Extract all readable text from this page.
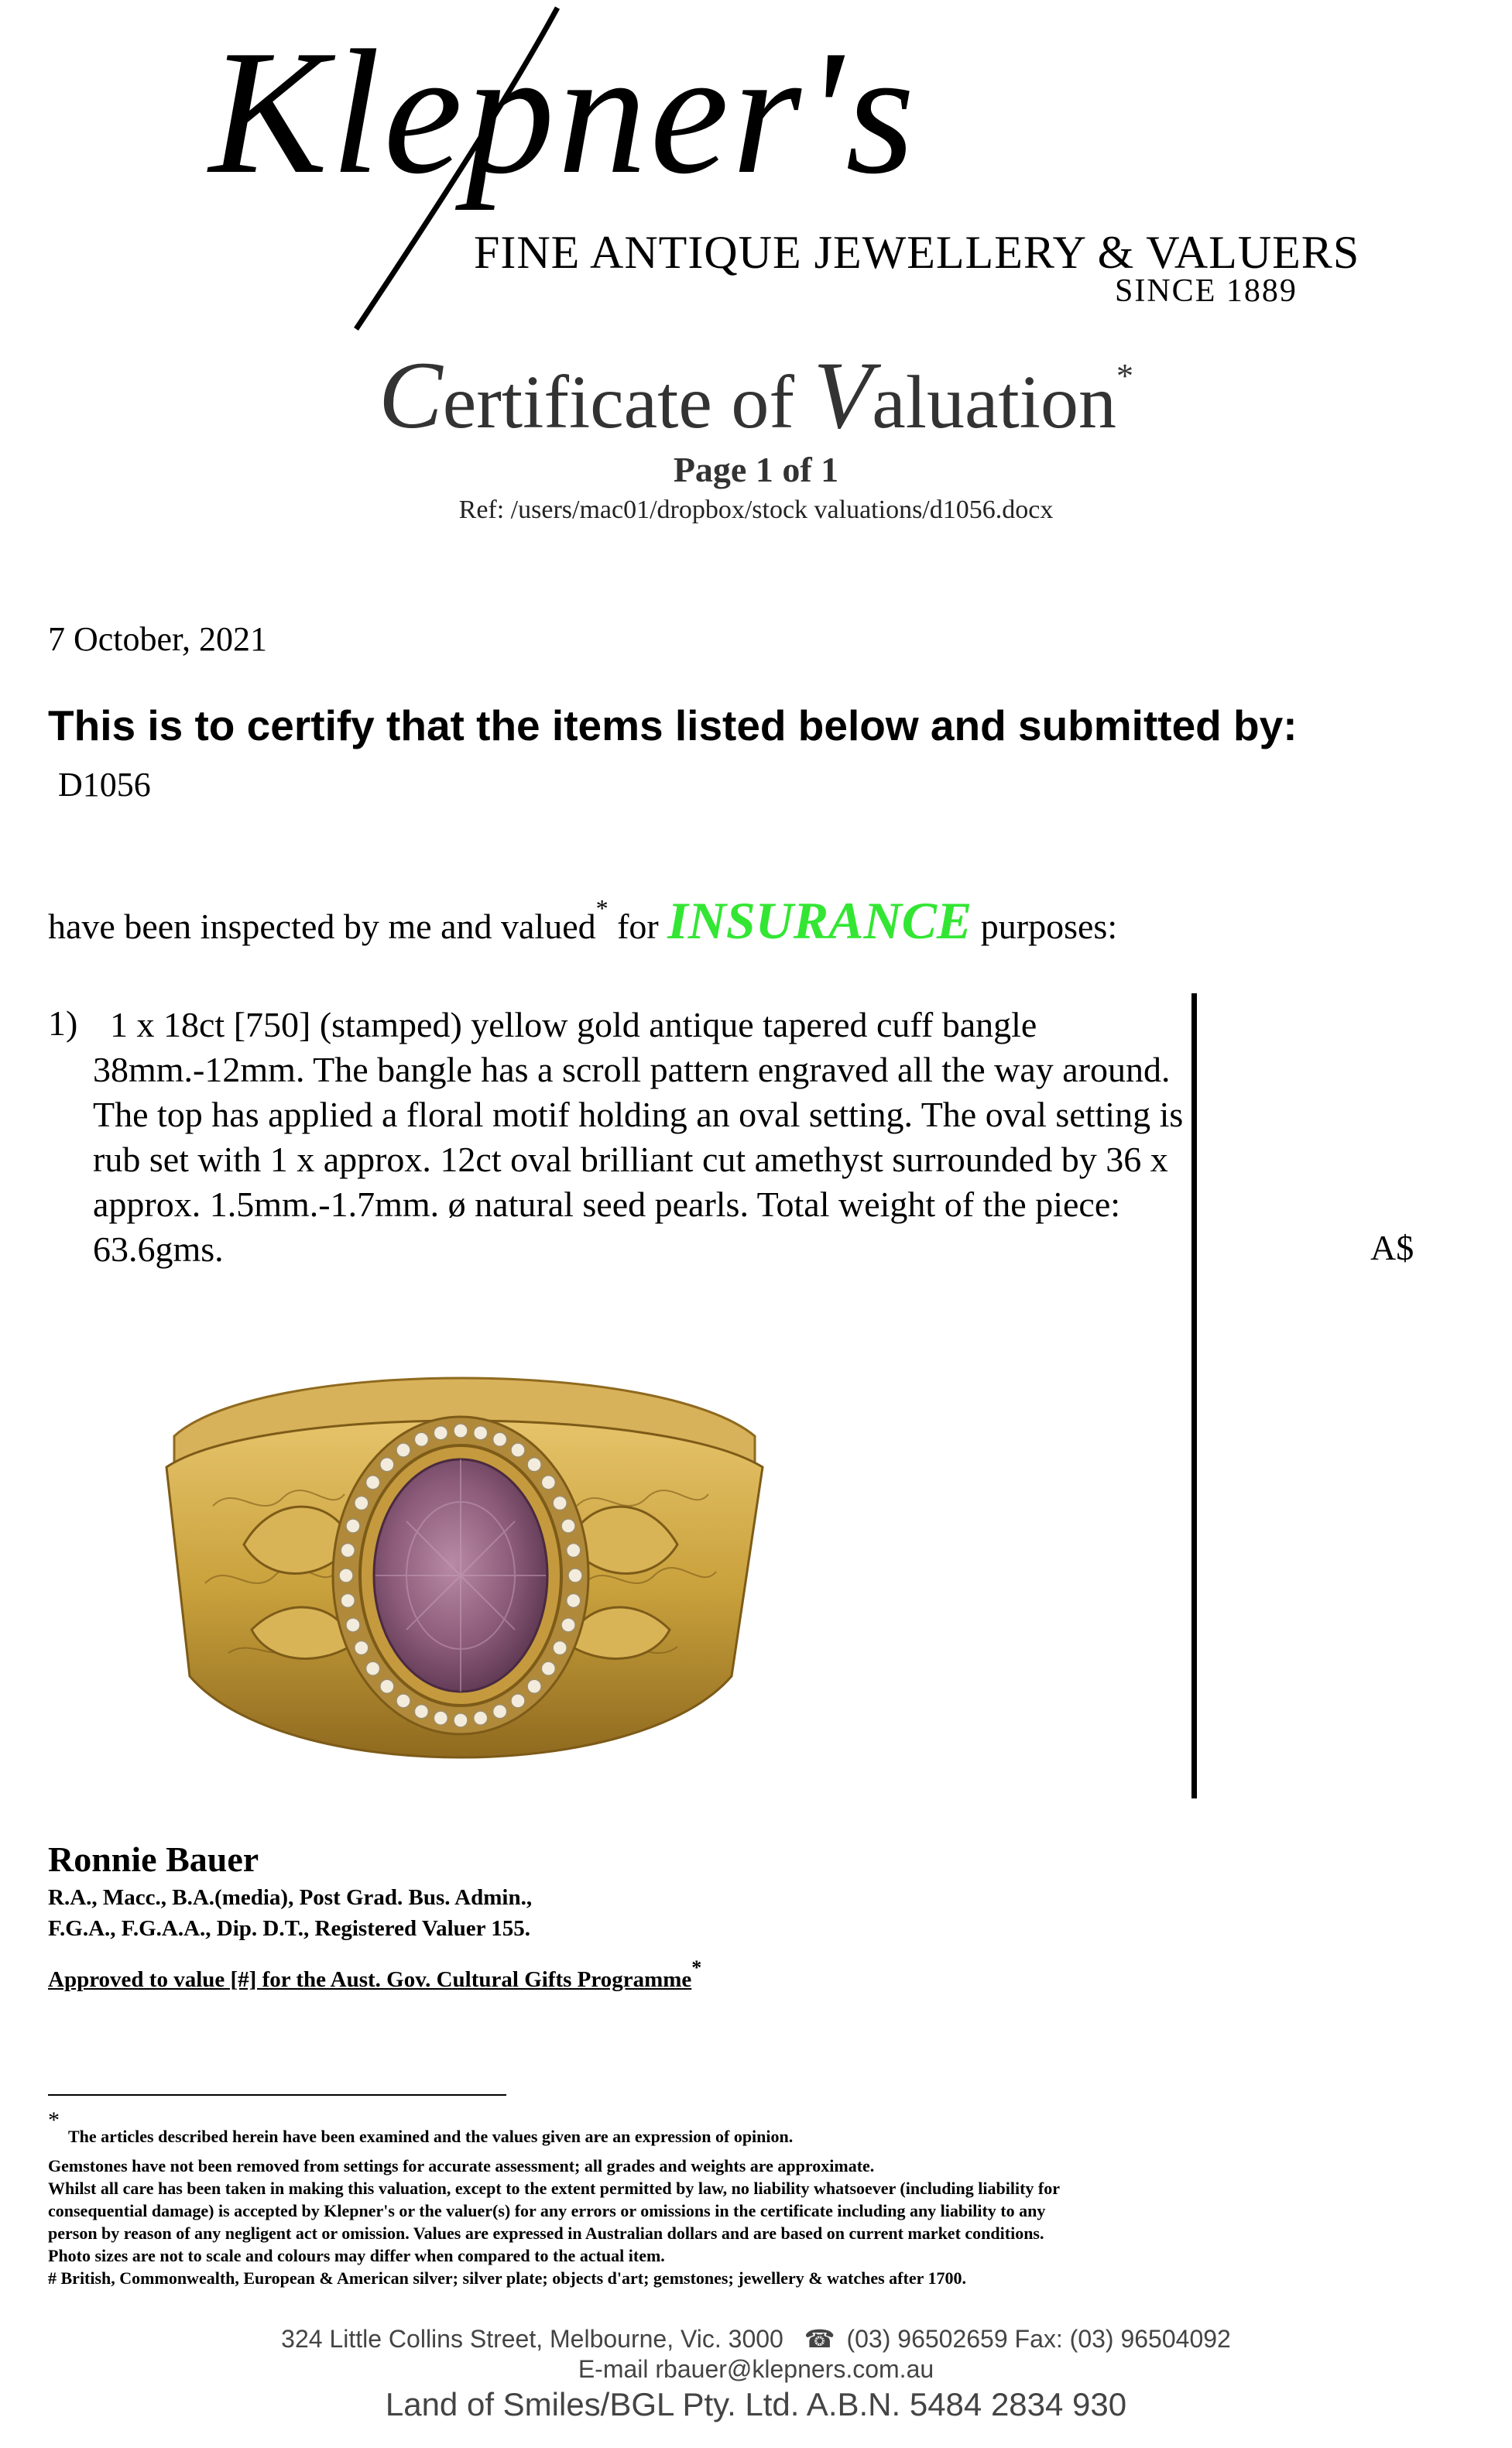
Klepner's
FINE ANTIQUE JEWELLERY & VALUERS
SINCE 1889
Certificate of Valuation*
Page 1 of 1
Ref: /users/mac01/dropbox/stock valuations/d1056.docx
7 October, 2021
This is to certify that the items listed below and submitted by:
D1056
have been inspected by me and valued* for INSURANCE purposes:
1) 1 x 18ct [750] (stamped) yellow gold antique tapered cuff bangle 38mm.-12mm. The bangle has a scroll pattern engraved all the way around. The top has applied a floral motif holding an oval setting. The oval setting is rub set with 1 x approx. 12ct oval brilliant cut amethyst surrounded by 36 x approx. 1.5mm.-1.7mm. ø natural seed pearls. Total weight of the piece: 63.6gms.	A$
Ronnie Bauer
R.A., Macc., B.A.(media), Post Grad. Bus. Admin.,
F.G.A., F.G.A.A., Dip. D.T., Registered Valuer 155.
Approved to value [#] for the Aust. Gov. Cultural Gifts Programme*
*
The articles described herein have been examined and the values given are an expression of opinion.
Gemstones have not been removed from settings for accurate assessment; all grades and weights are approximate.
Whilst all care has been taken in making this valuation, except to the extent permitted by law, no liability whatsoever (including liability for
consequential damage) is accepted by Klepner's or the valuer(s) for any errors or omissions in the certificate including any liability to any
person by reason of any negligent act or omission. Values are expressed in Australian dollars and are based on current market conditions.
Photo sizes are not to scale and colours may differ when compared to the actual item.
# British, Commonwealth, European & American silver; silver plate; objects d'art; gemstones; jewellery & watches after 1700.
324 Little Collins Street, Melbourne, Vic. 3000 ☎ (03) 96502659 Fax: (03) 96504092
E-mail rbauer@klepners.com.au
Land of Smiles/BGL Pty. Ltd. A.B.N. 5484 2834 930
